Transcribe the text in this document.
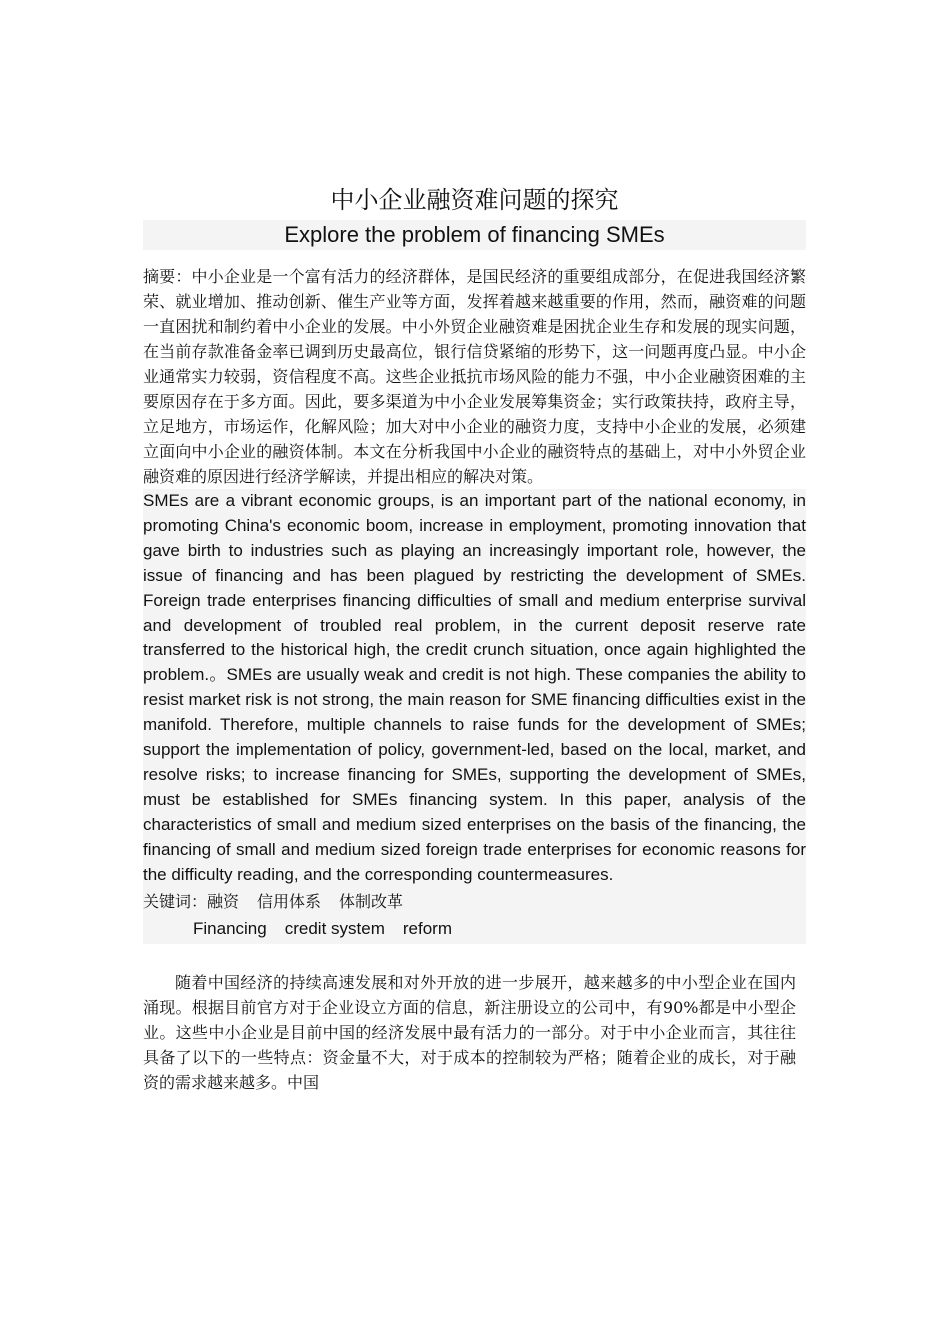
中小企业融资难问题的探究
Explore the problem of financing SMEs

摘要：中小企业是一个富有活力的经济群体，是国民经济的重要组成部分，在促进我国经济繁荣、就业增加、推动创新、催生产业等方面，发挥着越来越重要的作用，然而，融资难的问题一直困扰和制约着中小企业的发展。中小外贸企业融资难是困扰企业生存和发展的现实问题，在当前存款准备金率已调到历史最高位，银行信贷紧缩的形势下，这一问题再度凸显。中小企业通常实力较弱，资信程度不高。这些企业抵抗市场风险的能力不强，中小企业融资困难的主要原因存在于多方面。因此，要多渠道为中小企业发展筹集资金；实行政策扶持，政府主导，立足地方，市场运作，化解风险；加大对中小企业的融资力度，支持中小企业的发展，必须建立面向中小企业的融资体制。本文在分析我国中小企业的融资特点的基础上，对中小外贸企业融资难的原因进行经济学解读，并提出相应的解决对策。

SMEs are a vibrant economic groups, is an important part of the national economy, in promoting China's economic boom, increase in employment, promoting innovation that gave birth to industries such as playing an increasingly important role, however, the issue of financing and has been plagued by restricting the development of SMEs. Foreign trade enterprises financing difficulties of small and medium enterprise survival and development of troubled real problem, in the current deposit reserve rate transferred to the historical high, the credit crunch situation, once again highlighted the problem.。SMEs are usually weak and credit is not high. These companies the ability to resist market risk is not strong, the main reason for SME financing difficulties exist in the manifold. Therefore, multiple channels to raise funds for the development of SMEs; support the implementation of policy, government-led, based on the local, market, and resolve risks; to increase financing for SMEs, supporting the development of SMEs, must be established for SMEs financing system. In this paper, analysis of the characteristics of small and medium sized enterprises on the basis of the financing, the financing of small and medium sized foreign trade enterprises for economic reasons for the difficulty reading, and the corresponding countermeasures.

关键词：融资 信用体系 体制改革

Financing credit system reform

随着中国经济的持续高速发展和对外开放的进一步展开，越来越多的中小型企业在国内涌现。根据目前官方对于企业设立方面的信息，新注册设立的公司中，有90%都是中小型企业。这些中小企业是目前中国的经济发展中最有活力的一部分。对于中小企业而言，其往往具备了以下的一些特点：资金量不大，对于成本的控制较为严格；随着企业的成长，对于融资的需求越来越多。中国
